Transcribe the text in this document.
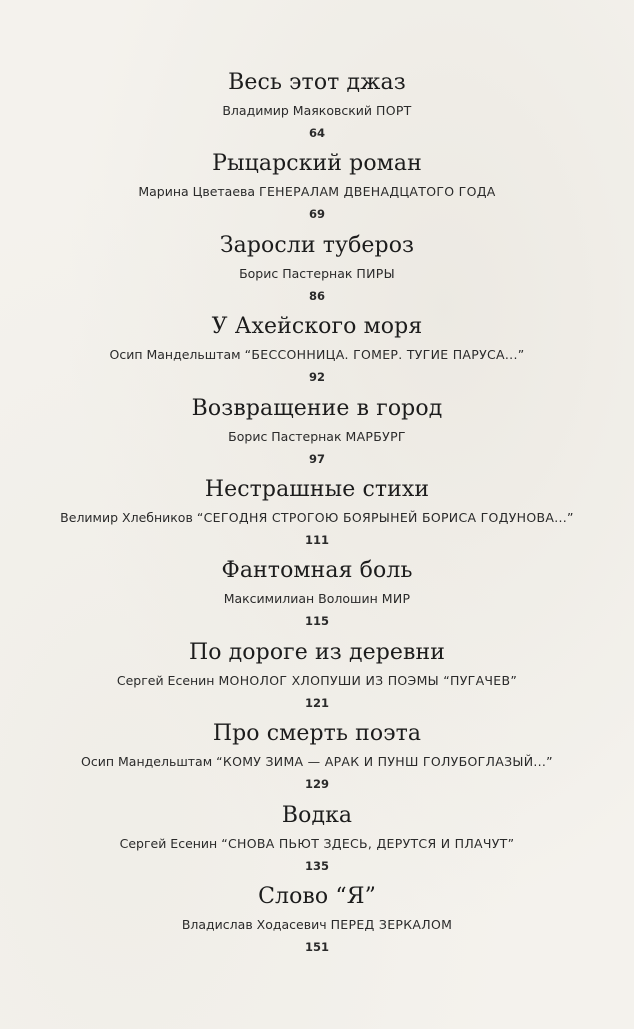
Весь этот джаз
Владимир Маяковский ПОРТ
64
Рыцарский роман
Марина Цветаева ГЕНЕРАЛАМ ДВЕНАДЦАТОГО ГОДА
69
Заросли туберoз
Борис Пастернак ПИРЫ
86
У Ахейского моря
Осип Мандельштам “БЕССОННИЦА. ГОМЕР. ТУГИЕ ПАРУСА...”
92
Возвращение в город
Борис Пастернак МАРБУРГ
97
Нестрашные стихи
Велимир Хлебников “СЕГОДНЯ СТРОГОЮ БОЯРЫНЕЙ БОРИСА ГОДУНОВА...”
111
Фантомная боль
Максимилиан Волошин МИР
115
По дороге из деревни
Сергей Есенин МОНОЛОГ ХЛОПУШИ ИЗ ПОЭМЫ “ПУГАЧЕВ”
121
Про смерть поэта
Осип Мандельштам “КОМУ ЗИМА — АРАК И ПУНШ ГОЛУБОГЛАЗЫЙ...”
129
Водка
Сергей Есенин “СНОВА ПЬЮТ ЗДЕСЬ, ДЕРУТСЯ И ПЛАЧУТ”
135
Слово “Я”
Владислав Ходасевич ПЕРЕД ЗЕРКАЛОМ
151
